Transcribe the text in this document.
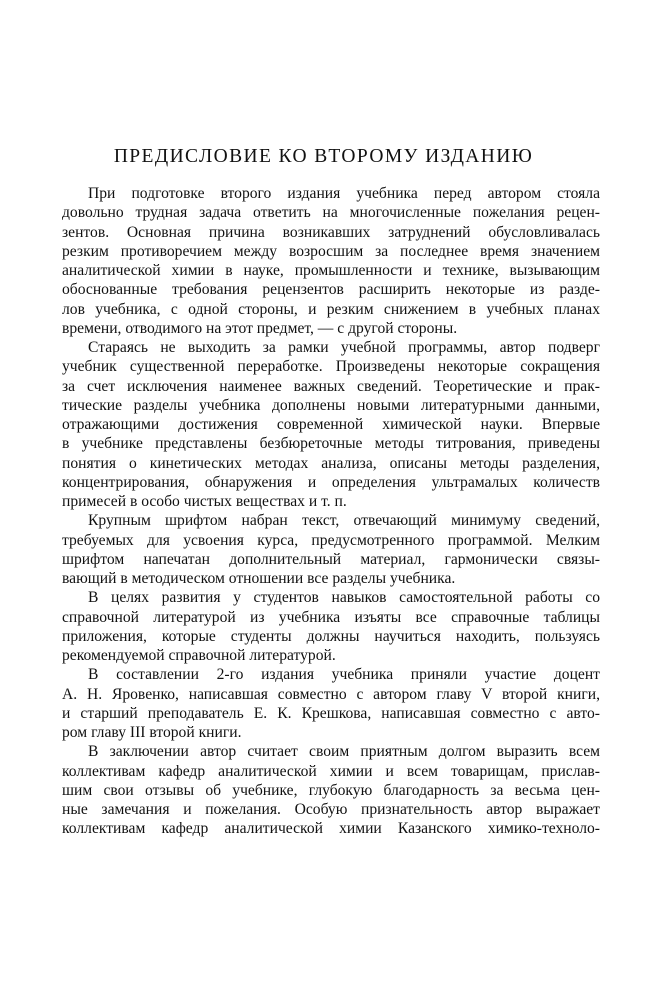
ПРЕДИСЛОВИЕ КО ВТОРОМУ ИЗДАНИЮ
При подготовке второго издания учебника перед автором стояла
довольно трудная задача ответить на многочисленные пожелания рецен-
зентов. Основная причина возникавших затруднений обусловливалась
резким противоречием между возросшим за последнее время значением
аналитической химии в науке, промышленности и технике, вызывающим
обоснованные требования рецензентов расширить некоторые из разде-
лов учебника, с одной стороны, и резким снижением в учебных планах
времени, отводимого на этот предмет, — с другой стороны.
Стараясь не выходить за рамки учебной программы, автор подверг
учебник существенной переработке. Произведены некоторые сокращения
за счет исключения наименее важных сведений. Теоретические и прак-
тические разделы учебника дополнены новыми литературными данными,
отражающими достижения современной химической науки. Впервые
в учебнике представлены безбюреточные методы титрования, приведены
понятия о кинетических методах анализа, описаны методы разделения,
концентрирования, обнаружения и определения ультрамалых количеств
примесей в особо чистых веществах и т. п.
Крупным шрифтом набран текст, отвечающий минимуму сведений,
требуемых для усвоения курса, предусмотренного программой. Мелким
шрифтом напечатан дополнительный материал, гармонически связы-
вающий в методическом отношении все разделы учебника.
В целях развития у студентов навыков самостоятельной работы со
справочной литературой из учебника изъяты все справочные таблицы
приложения, которые студенты должны научиться находить, пользуясь
рекомендуемой справочной литературой.
В составлении 2-го издания учебника приняли участие доцент
А. Н. Яровенко, написавшая совместно с автором главу V второй книги,
и старший преподаватель Е. К. Крешкова, написавшая совместно с авто-
ром главу III второй книги.
В заключении автор считает своим приятным долгом выразить всем
коллективам кафедр аналитической химии и всем товарищам, прислав-
шим свои отзывы об учебнике, глубокую благодарность за весьма цен-
ные замечания и пожелания. Особую признательность автор выражает
коллективам кафедр аналитической химии Казанского химико-техноло-
